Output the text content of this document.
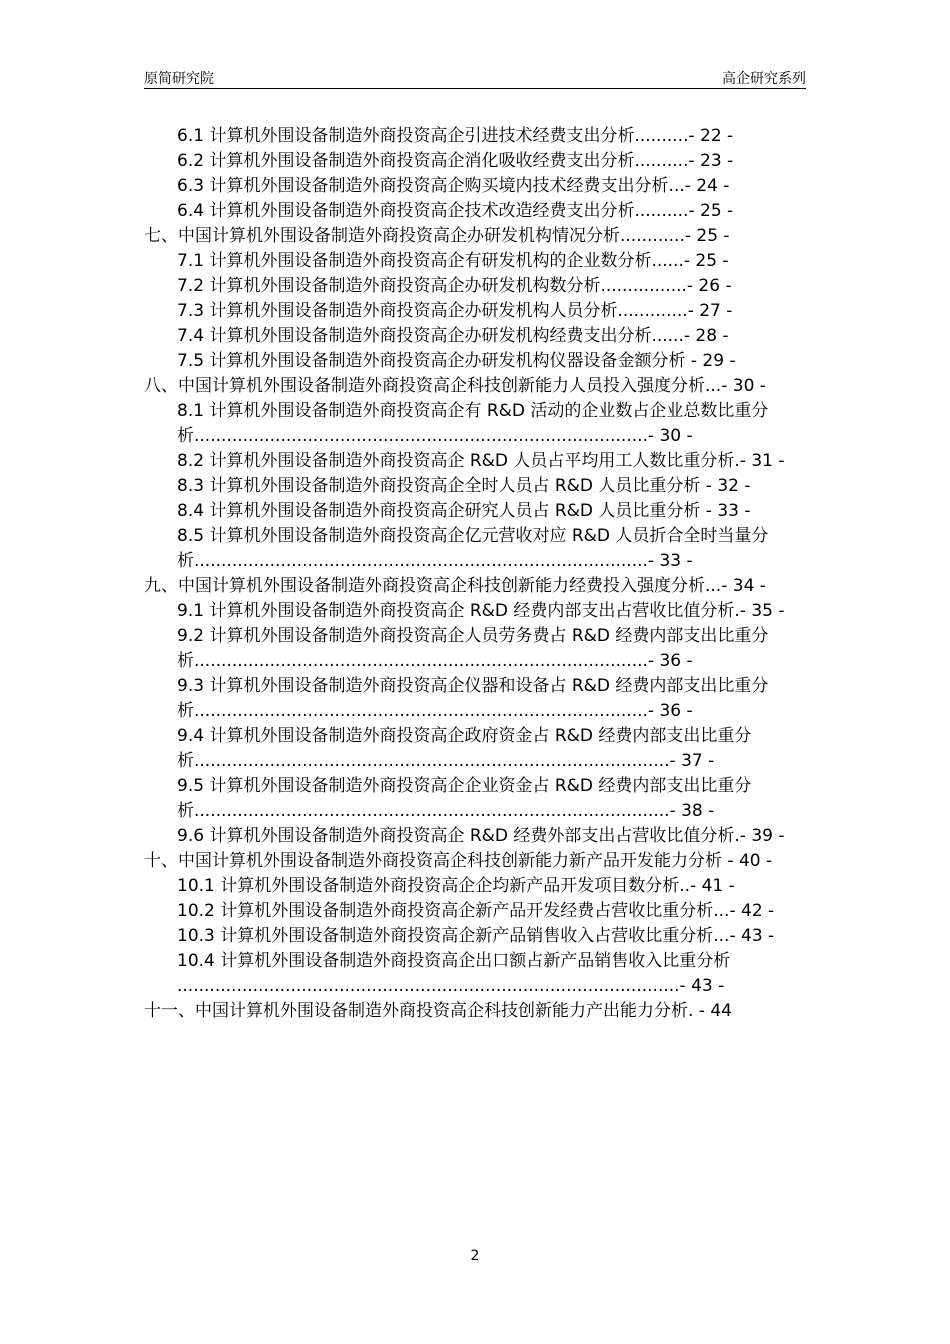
原简研究院	高企研究系列
6.1 计算机外围设备制造外商投资高企引进技术经费支出分析..........- 22 -
6.2 计算机外围设备制造外商投资高企消化吸收经费支出分析..........- 23 -
6.3 计算机外围设备制造外商投资高企购买境内技术经费支出分析...- 24 -
6.4 计算机外围设备制造外商投资高企技术改造经费支出分析..........- 25 -
七、中国计算机外围设备制造外商投资高企办研发机构情况分析............- 25 -
7.1 计算机外围设备制造外商投资高企有研发机构的企业数分析......- 25 -
7.2 计算机外围设备制造外商投资高企办研发机构数分析................- 26 -
7.3 计算机外围设备制造外商投资高企办研发机构人员分析.............- 27 -
7.4 计算机外围设备制造外商投资高企办研发机构经费支出分析......- 28 -
7.5 计算机外围设备制造外商投资高企办研发机构仪器设备金额分析 - 29 -
八、中国计算机外围设备制造外商投资高企科技创新能力人员投入强度分析...- 30 -
8.1 计算机外围设备制造外商投资高企有 R&D 活动的企业数占企业总数比重分析....................................................................................- 30 -
8.2 计算机外围设备制造外商投资高企 R&D 人员占平均用工人数比重分析.- 31 -
8.3 计算机外围设备制造外商投资高企全时人员占 R&D 人员比重分析 - 32 -
8.4 计算机外围设备制造外商投资高企研究人员占 R&D 人员比重分析 - 33 -
8.5 计算机外围设备制造外商投资高企亿元营收对应 R&D 人员折合全时当量分析....................................................................................- 33 -
九、中国计算机外围设备制造外商投资高企科技创新能力经费投入强度分析...- 34 -
9.1 计算机外围设备制造外商投资高企 R&D 经费内部支出占营收比值分析.- 35 -
9.2 计算机外围设备制造外商投资高企人员劳务费占 R&D 经费内部支出比重分析....................................................................................- 36 -
9.3 计算机外围设备制造外商投资高企仪器和设备占 R&D 经费内部支出比重分析....................................................................................- 36 -
9.4 计算机外围设备制造外商投资高企政府资金占 R&D 经费内部支出比重分析........................................................................................- 37 -
9.5 计算机外围设备制造外商投资高企企业资金占 R&D 经费内部支出比重分析........................................................................................- 38 -
9.6 计算机外围设备制造外商投资高企 R&D 经费外部支出占营收比值分析.- 39 -
十、中国计算机外围设备制造外商投资高企科技创新能力新产品开发能力分析 - 40 -
10.1 计算机外围设备制造外商投资高企企均新产品开发项目数分析..- 41 -
10.2 计算机外围设备制造外商投资高企新产品开发经费占营收比重分析...- 42 -
10.3 计算机外围设备制造外商投资高企新产品销售收入占营收比重分析...- 43 -
10.4 计算机外围设备制造外商投资高企出口额占新产品销售收入比重分析 .............................................................................................- 43 -
十一、中国计算机外围设备制造外商投资高企科技创新能力产出能力分析. - 44
2
